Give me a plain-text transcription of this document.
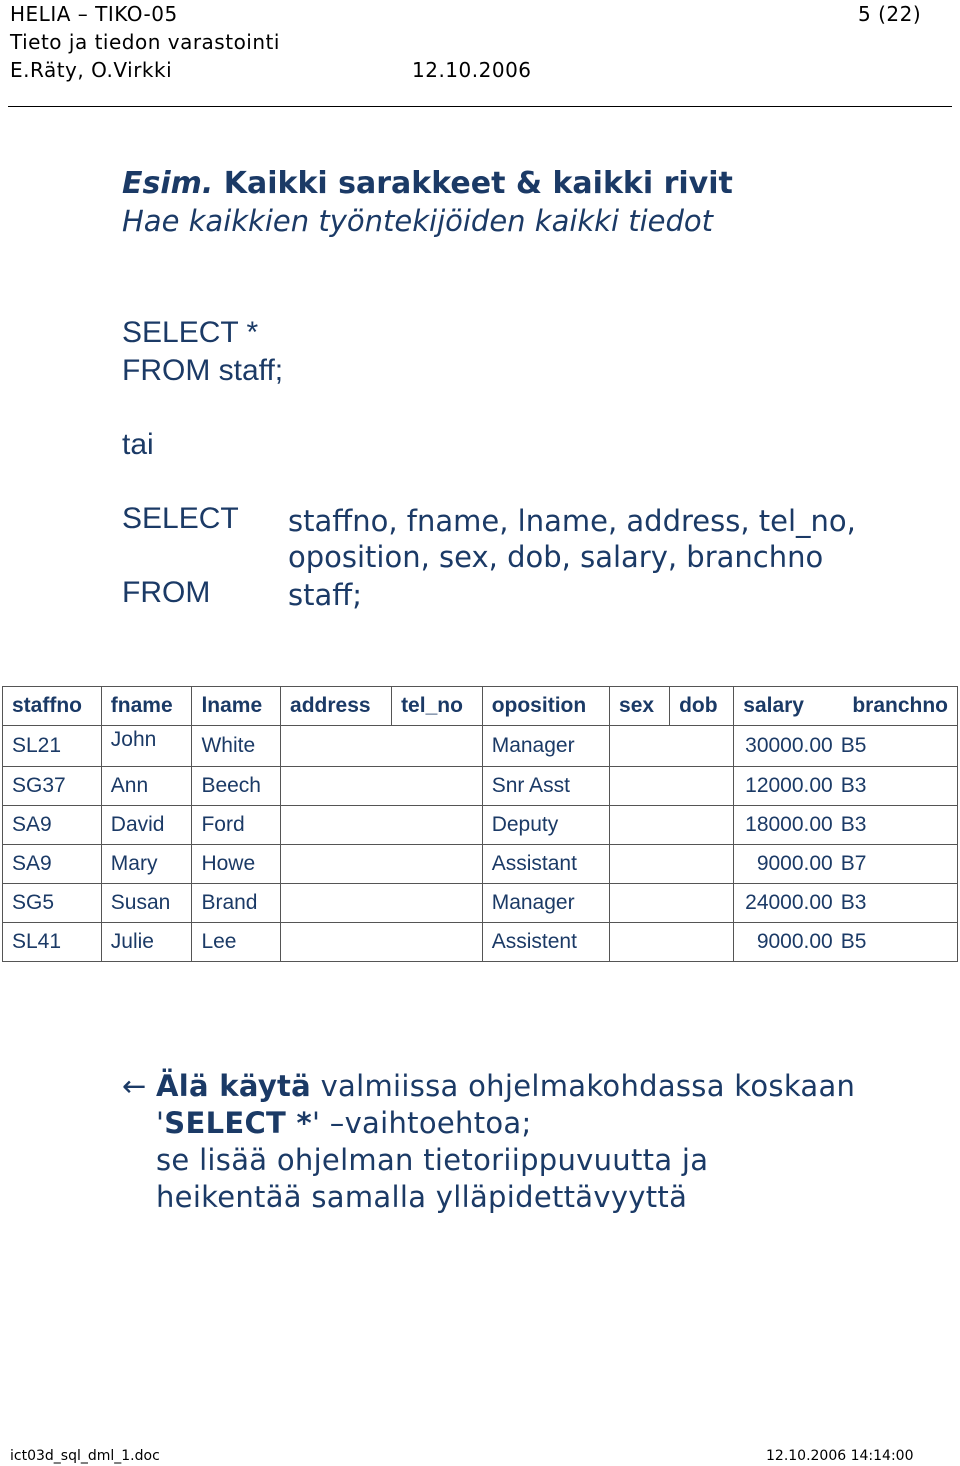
HELIA – TIKO-05	5 (22)
Tieto ja tiedon varastointi
E.Räty, O.Virkki	12.10.2006
Esim. Kaikki sarakkeet & kaikki rivit
Hae kaikkien työntekijöiden kaikki tiedot
SELECT *
FROM staff;
tai
SELECT staffno, fname, lname, address, tel_no,
oposition, sex, dob, salary, branchno
FROM	staff;
staffno	fname	lname	address	tel_no	oposition	sex	dob	salary	branchno
SL21	John	White			Manager			30000.00	B5
SG37	Ann	Beech			Snr Asst			12000.00	B3
SA9	David	Ford			Deputy			18000.00	B3
SA9	Mary	Howe			Assistant			9000.00	B7
SG5	Susan	Brand			Manager			24000.00	B3
SL41	Julie	Lee			Assistent			9000.00	B5
← Älä käytä valmiissa ohjelmakohdassa koskaan
'SELECT *' –vaihtoehtoa;
se lisää ohjelman tietoriippuvuutta ja
heikentää samalla ylläpidettävyyttä
ict03d_sql_dml_1.doc	12.10.2006 14:14:00
